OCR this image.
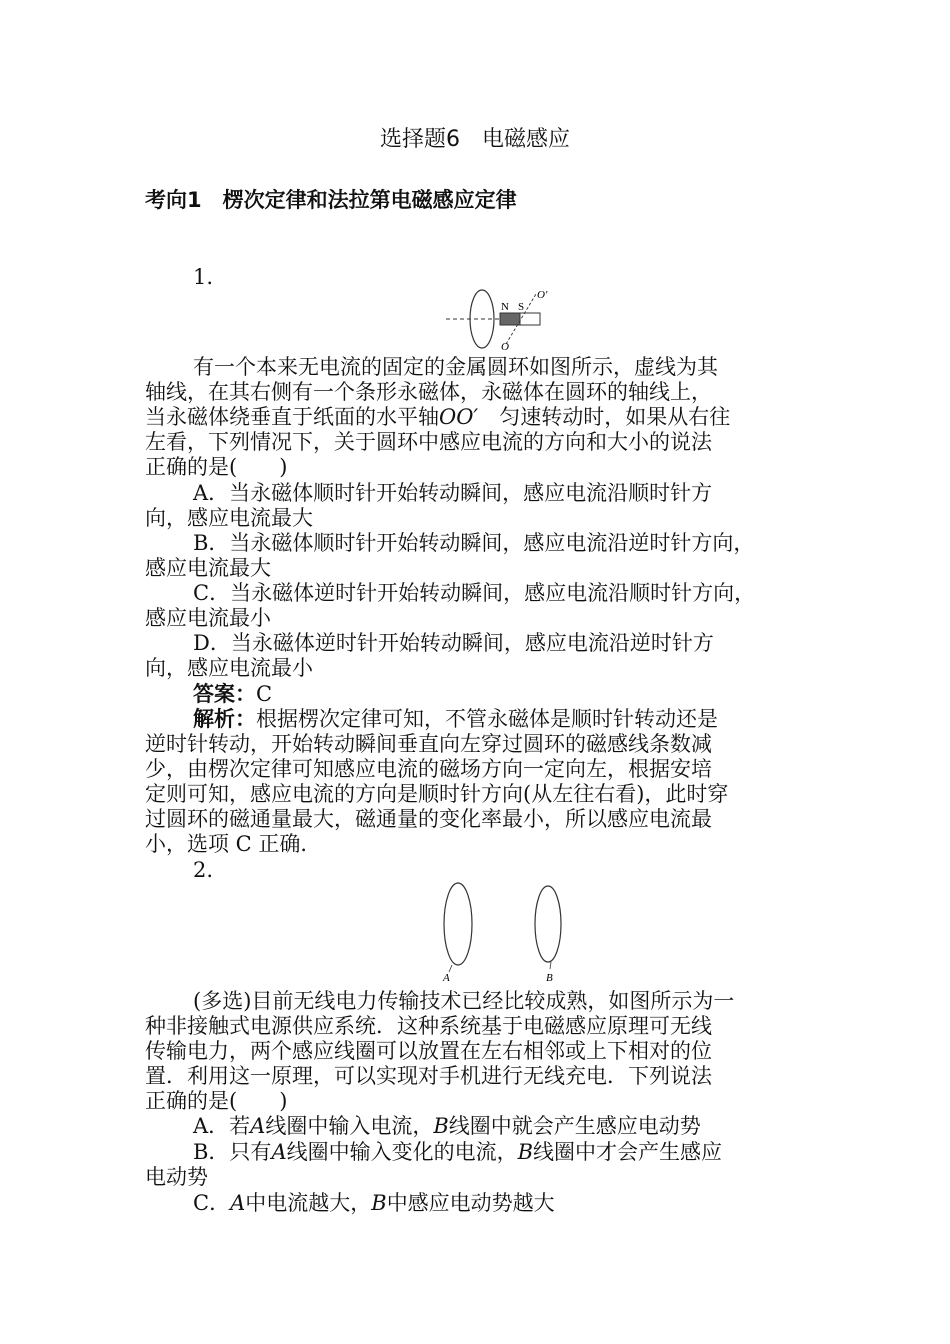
选择题6　电磁感应
考向1　楞次定律和法拉第电磁感应定律
1.
N S
O′
O
有一个本来无电流的固定的金属圆环如图所示，虚线为其
轴线，在其右侧有一个条形永磁体，永磁体在圆环的轴线上，
当永磁体绕垂直于纸面的水平轴OO′　 匀速转动时，如果从右往
左看，下列情况下，关于圆环中感应电流的方向和大小的说法
正确的是(　　)
A．当永磁体顺时针开始转动瞬间，感应电流沿顺时针方
向，感应电流最大
B．当永磁体顺时针开始转动瞬间，感应电流沿逆时针方向，
感应电流最大
C．当永磁体逆时针开始转动瞬间，感应电流沿顺时针方向，
感应电流最小
D．当永磁体逆时针开始转动瞬间，感应电流沿逆时针方
向，感应电流最小
答案：C
解析：根据楞次定律可知，不管永磁体是顺时针转动还是
逆时针转动，开始转动瞬间垂直向左穿过圆环的磁感线条数减
少，由楞次定律可知感应电流的磁场方向一定向左，根据安培
定则可知，感应电流的方向是顺时针方向(从左往右看)，此时穿
过圆环的磁通量最大，磁通量的变化率最小，所以感应电流最
小，选项 C 正确．
2.
A	B
(多选)目前无线电力传输技术已经比较成熟，如图所示为一
种非接触式电源供应系统．这种系统基于电磁感应原理可无线
传输电力，两个感应线圈可以放置在左右相邻或上下相对的位
置．利用这一原理，可以实现对手机进行无线充电．下列说法
正确的是(　　)
A．若A线圈中输入电流，B线圈中就会产生感应电动势
B．只有A线圈中输入变化的电流，B线圈中才会产生感应
电动势
C．A中电流越大，B中感应电动势越大
